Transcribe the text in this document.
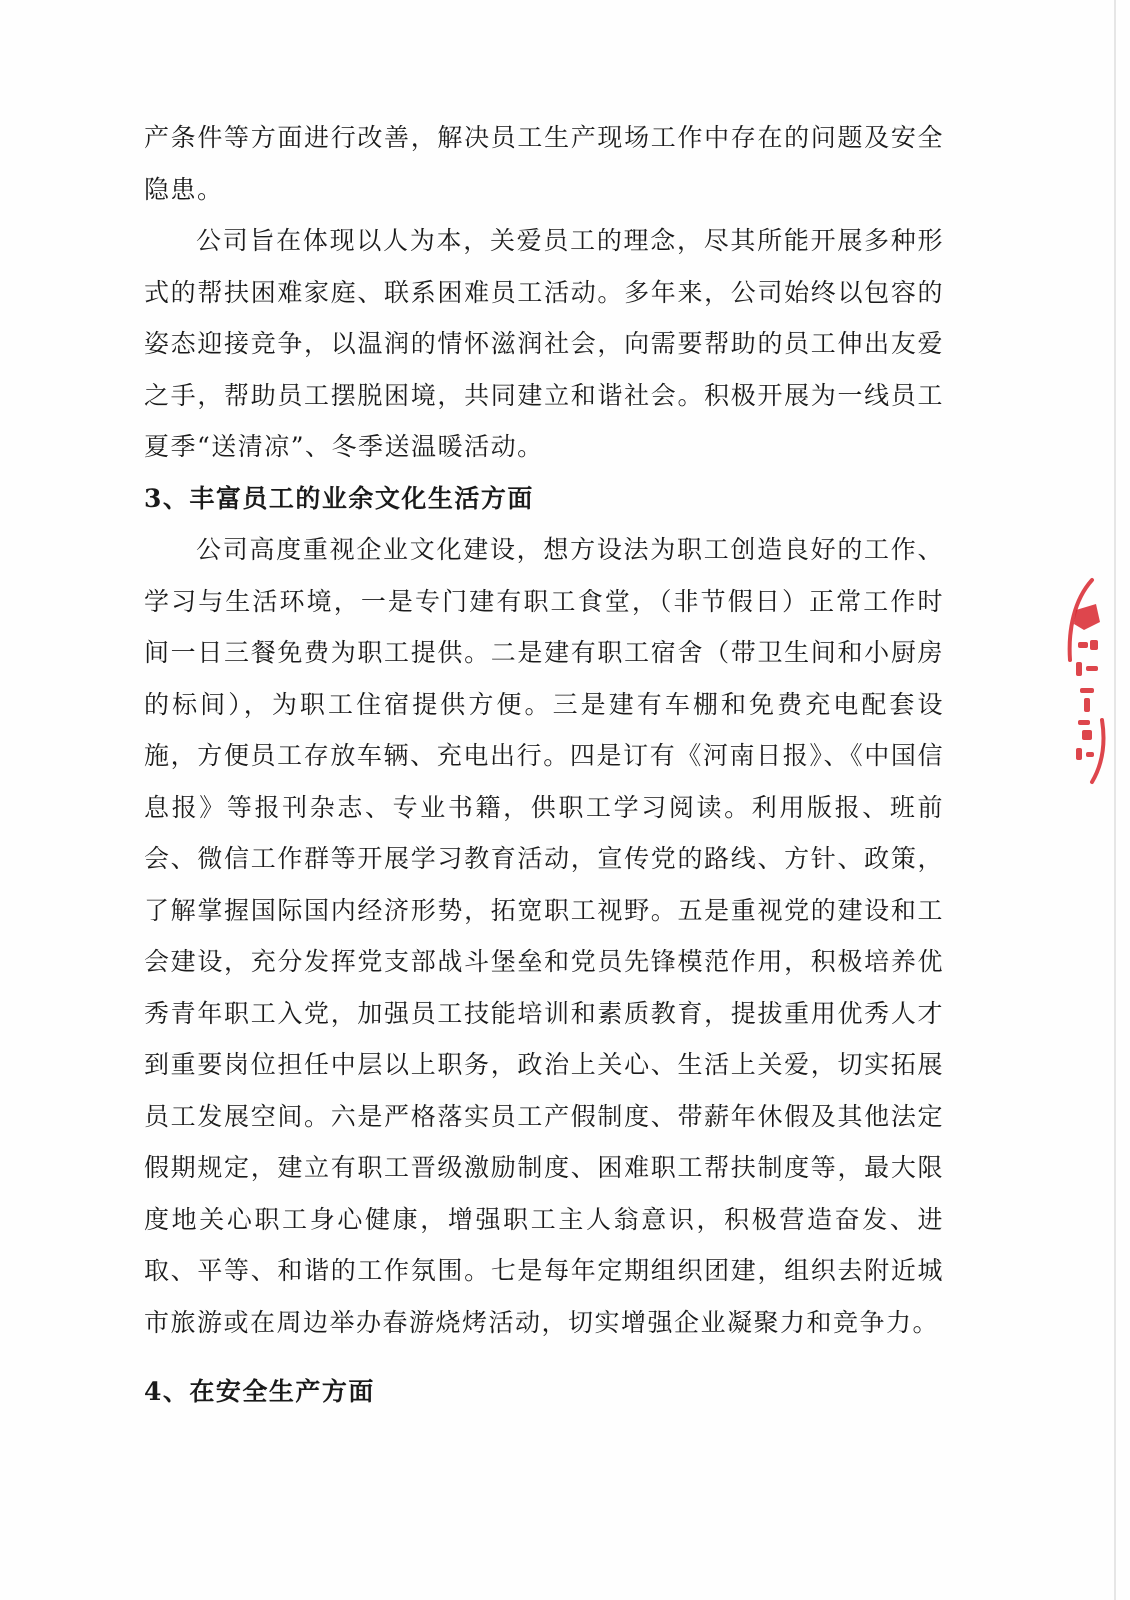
产条件等方面进行改善，解决员工生产现场工作中存在的问题及安全隐患。

公司旨在体现以人为本，关爱员工的理念，尽其所能开展多种形式的帮扶困难家庭、联系困难员工活动。多年来，公司始终以包容的姿态迎接竞争，以温润的情怀滋润社会，向需要帮助的员工伸出友爱之手，帮助员工摆脱困境，共同建立和谐社会。积极开展为一线员工夏季“送清凉”、冬季送温暖活动。

3、丰富员工的业余文化生活方面

公司高度重视企业文化建设，想方设法为职工创造良好的工作、学习与生活环境，一是专门建有职工食堂，（非节假日）正常工作时间一日三餐免费为职工提供。二是建有职工宿舍（带卫生间和小厨房的标间），为职工住宿提供方便。三是建有车棚和免费充电配套设施，方便员工存放车辆、充电出行。四是订有《河南日报》、《中国信息报》等报刊杂志、专业书籍，供职工学习阅读。利用版报、班前会、微信工作群等开展学习教育活动，宣传党的路线、方针、政策，了解掌握国际国内经济形势，拓宽职工视野。五是重视党的建设和工会建设，充分发挥党支部战斗堡垒和党员先锋模范作用，积极培养优秀青年职工入党，加强员工技能培训和素质教育，提拔重用优秀人才到重要岗位担任中层以上职务，政治上关心、生活上关爱，切实拓展员工发展空间。六是严格落实员工产假制度、带薪年休假及其他法定假期规定，建立有职工晋级激励制度、困难职工帮扶制度等，最大限度地关心职工身心健康，增强职工主人翁意识，积极营造奋发、进取、平等、和谐的工作氛围。七是每年定期组织团建，组织去附近城市旅游或在周边举办春游烧烤活动，切实增强企业凝聚力和竞争力。

4、在安全生产方面
